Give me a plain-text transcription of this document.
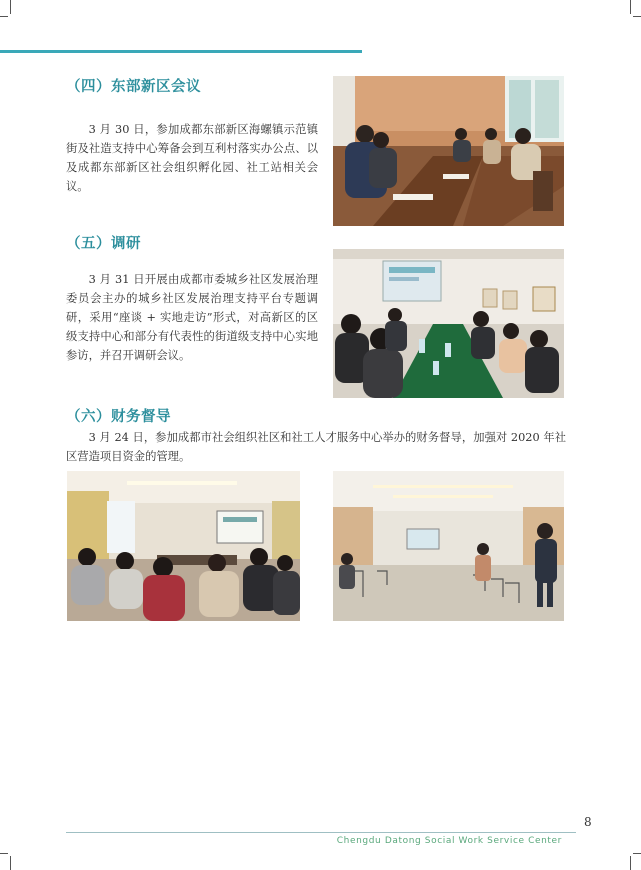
（四）东部新区会议

3 月 30 日，参加成都东部新区海螺镇示范镇街及社造支持中心筹备会到互利村落实办公点、以及成都东部新区社会组织孵化园、社工站相关会议。

（五）调研

3 月 31 日开展由成都市委城乡社区发展治理委员会主办的城乡社区发展治理支持平台专题调研，采用“座谈 + 实地走访”形式，对高新区的区级支持中心和部分有代表性的街道级支持中心实地参访，并召开调研会议。

（六）财务督导

3 月 24 日，参加成都市社会组织社区和社工人才服务中心举办的财务督导，加强对 2020 年社区营造项目资金的管理。

8
Chengdu Datong Social Work Service Center
